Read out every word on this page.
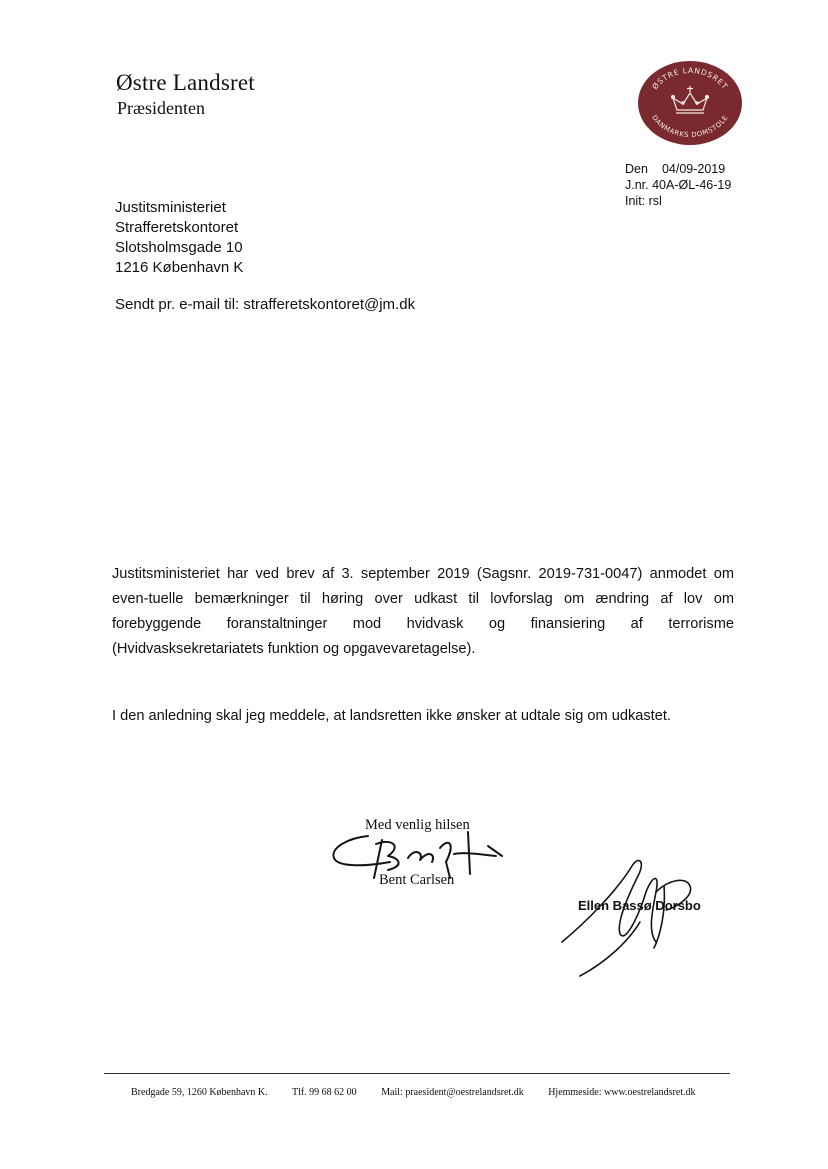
Østre Landsret
Præsidenten
ØSTRE LANDSRET
DANMARKS DOMSTOLE
Den 04/09-2019
J.nr. 40A-ØL-46-19
Init: rsl
Justitsministeriet
Strafferetskontoret
Slotsholmsgade 10
1216 København K
Sendt pr. e-mail til: strafferetskontoret@jm.dk
Justitsministeriet har ved brev af 3. september 2019 (Sagsnr. 2019-731-0047) anmodet om even-tuelle bemærkninger til høring over udkast til lovforslag om ændring af lov om forebyggende foranstaltninger mod hvidvask og finansiering af terrorisme (Hvidvasksekretariatets funktion og opgavevaretagelse).
I den anledning skal jeg meddele, at landsretten ikke ønsker at udtale sig om udkastet.
Med venlig hilsen
Bent Carlsen
Ellen Bassø Dorsbo
Bredgade 59, 1260 København K. Tlf. 99 68 62 00 Mail: praesident@oestrelandsret.dk Hjemmeside: www.oestrelandsret.dk
